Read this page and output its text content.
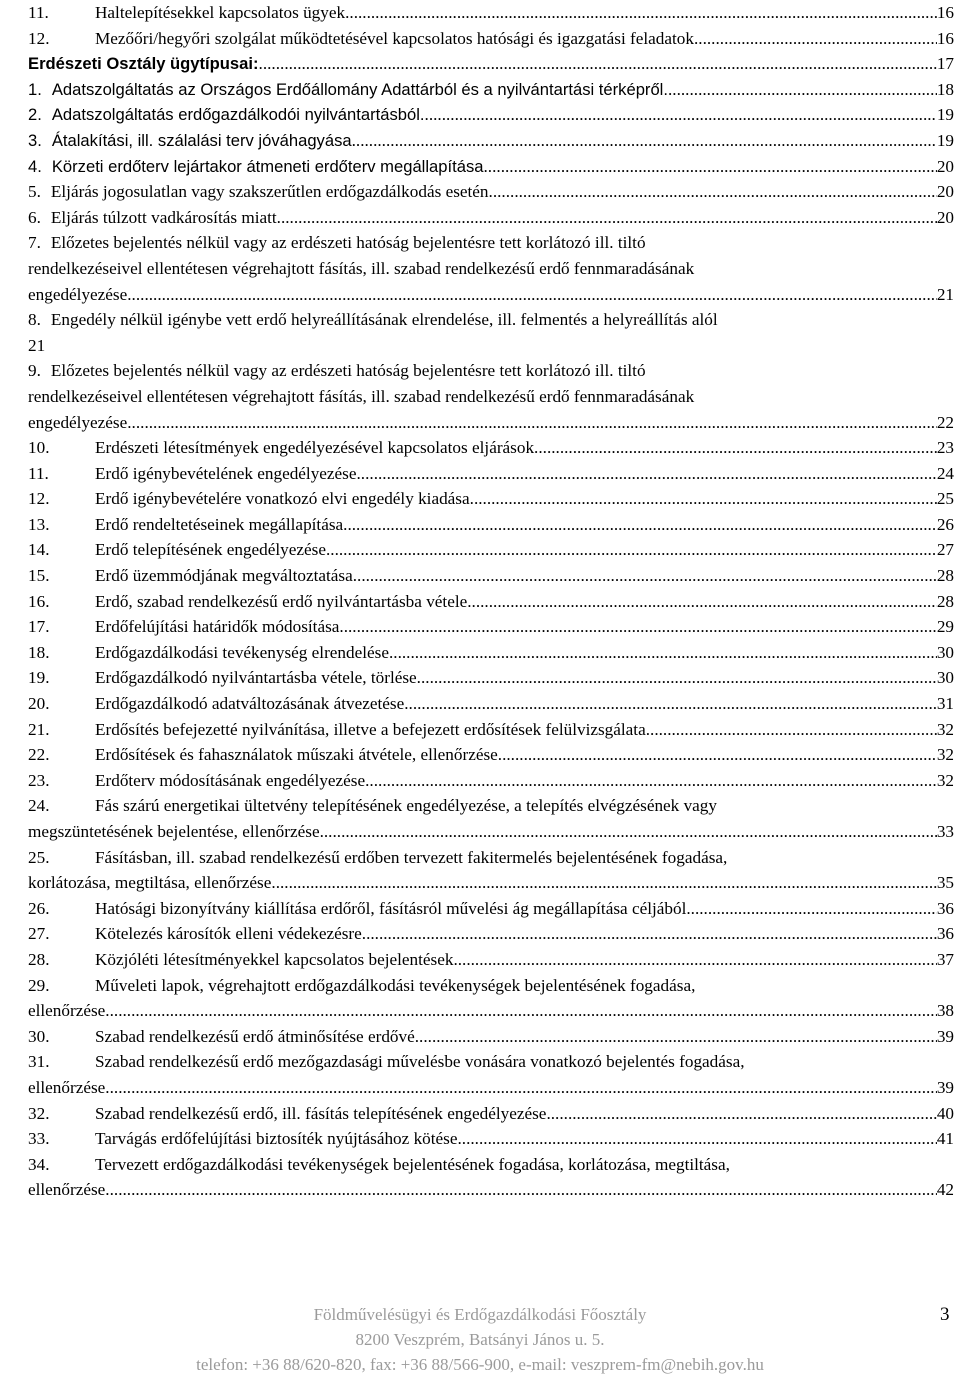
11.	Haltelepítésekkel kapcsolatos ügyek .....	16
12.	Mezőőri/hegyőri szolgálat működtetésével kapcsolatos hatósági és igazgatási feladatok .....	16
Erdészeti Osztály ügytípusai: .....	17
1. Adatszolgáltatás az Országos Erdőállomány Adattárból és a nyilvántartási térképről. .....	18
2. Adatszolgáltatás erdőgazdálkodói nyilvántartásból. .....	19
3. Átalakítási, ill. szálalási terv jóváhagyása .....	19
4. Körzeti erdőterv lejártakor átmeneti erdőterv megállapítása .....	20
5. Eljárás jogosulatlan vagy szakszerűtlen erdőgazdálkodás esetén .....	20
6. Eljárás túlzott vadkárosítás miatt .....	20
7. Előzetes bejelentés nélkül vagy az erdészeti hatóság bejelentésre tett korlátozó ill. tiltó
rendelkezéseivel ellentétesen végrehajtott fásítás, ill. szabad rendelkezésű erdő fennmaradásának
engedélyezése .....	21
8. Engedély nélkül igénybe vett erdő helyreállításának elrendelése, ill. felmentés a helyreállítás alól
21
9. Előzetes bejelentés nélkül vagy az erdészeti hatóság bejelentésre tett korlátozó ill. tiltó
rendelkezéseivel ellentétesen végrehajtott fásítás, ill. szabad rendelkezésű erdő fennmaradásának
engedélyezése .....	22
10.	Erdészeti létesítmények engedélyezésével kapcsolatos eljárások .....	23
11.	Erdő igénybevételének engedélyezése .....	24
12.	Erdő igénybevételére vonatkozó elvi engedély kiadása .....	25
13.	Erdő rendeltetéseinek megállapítása .....	26
14.	Erdő telepítésének engedélyezése .....	27
15.	Erdő üzemmódjának megváltoztatása .....	28
16.	Erdő, szabad rendelkezésű erdő nyilvántartásba vétele .....	28
17.	Erdőfelújítási határidők módosítása .....	29
18.	Erdőgazdálkodási tevékenység elrendelése .....	30
19.	Erdőgazdálkodó nyilvántartásba vétele, törlése. .....	30
20.	Erdőgazdálkodó adatváltozásának átvezetése .....	31
21.	Erdősítés befejezetté nyilvánítása, illetve a befejezett erdősítések felülvizsgálata .....	32
22.	Erdősítések és fahasználatok műszaki átvétele, ellenőrzése. .....	32
23.	Erdőterv módosításának engedélyezése .....	32
24.	Fás szárú energetikai ültetvény telepítésének engedélyezése, a telepítés elvégzésének vagy
megszüntetésének bejelentése, ellenőrzése .....	33
25.	Fásításban, ill. szabad rendelkezésű erdőben tervezett fakitermelés bejelentésének fogadása,
korlátozása, megtiltása, ellenőrzése .....	35
26.	Hatósági bizonyítvány kiállítása erdőről, fásításról művelési ág megállapítása céljából .....	36
27.	Kötelezés károsítók elleni védekezésre .....	36
28.	Közjóléti létesítményekkel kapcsolatos bejelentések .....	37
29.	Műveleti lapok, végrehajtott erdőgazdálkodási tevékenységek bejelentésének fogadása,
ellenőrzése .....	38
30.	Szabad rendelkezésű erdő átminősítése erdővé .....	39
31.	Szabad rendelkezésű erdő mezőgazdasági művelésbe vonására vonatkozó bejelentés fogadása,
ellenőrzése .....	39
32.	Szabad rendelkezésű erdő, ill. fásítás telepítésének engedélyezése .....	40
33.	Tarvágás erdőfelújítási biztosíték nyújtásához kötése .....	41
34.	Tervezett erdőgazdálkodási tevékenységek bejelentésének fogadása, korlátozása, megtiltása,
ellenőrzése .....	42
Földművelésügyi és Erdőgazdálkodási Főosztály
8200 Veszprém, Batsányi János u. 5.
telefon: +36 88/620-820, fax: +36 88/566-900, e-mail: veszprem-fm@nebih.gov.hu
3
